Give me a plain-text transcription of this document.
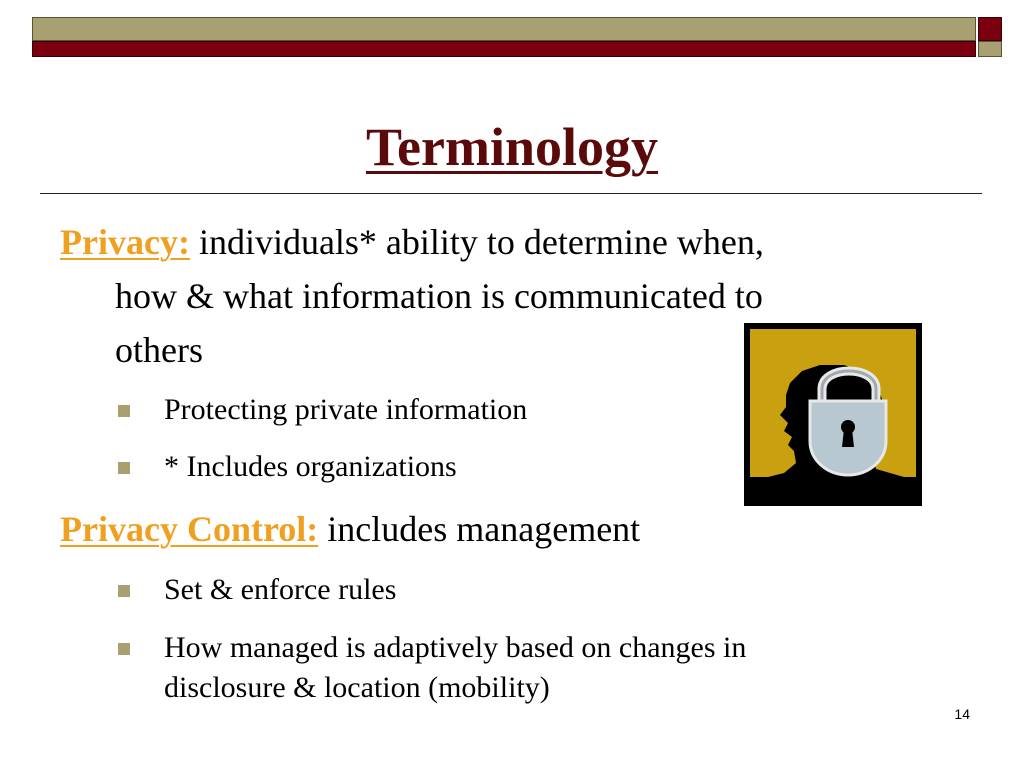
Terminology
Privacy: individuals* ability to determine when,
how & what information is communicated to
others
Protecting private information
* Includes organizations
Privacy Control: includes management
Set & enforce rules
How managed is adaptively based on changes in
disclosure & location (mobility)
14
